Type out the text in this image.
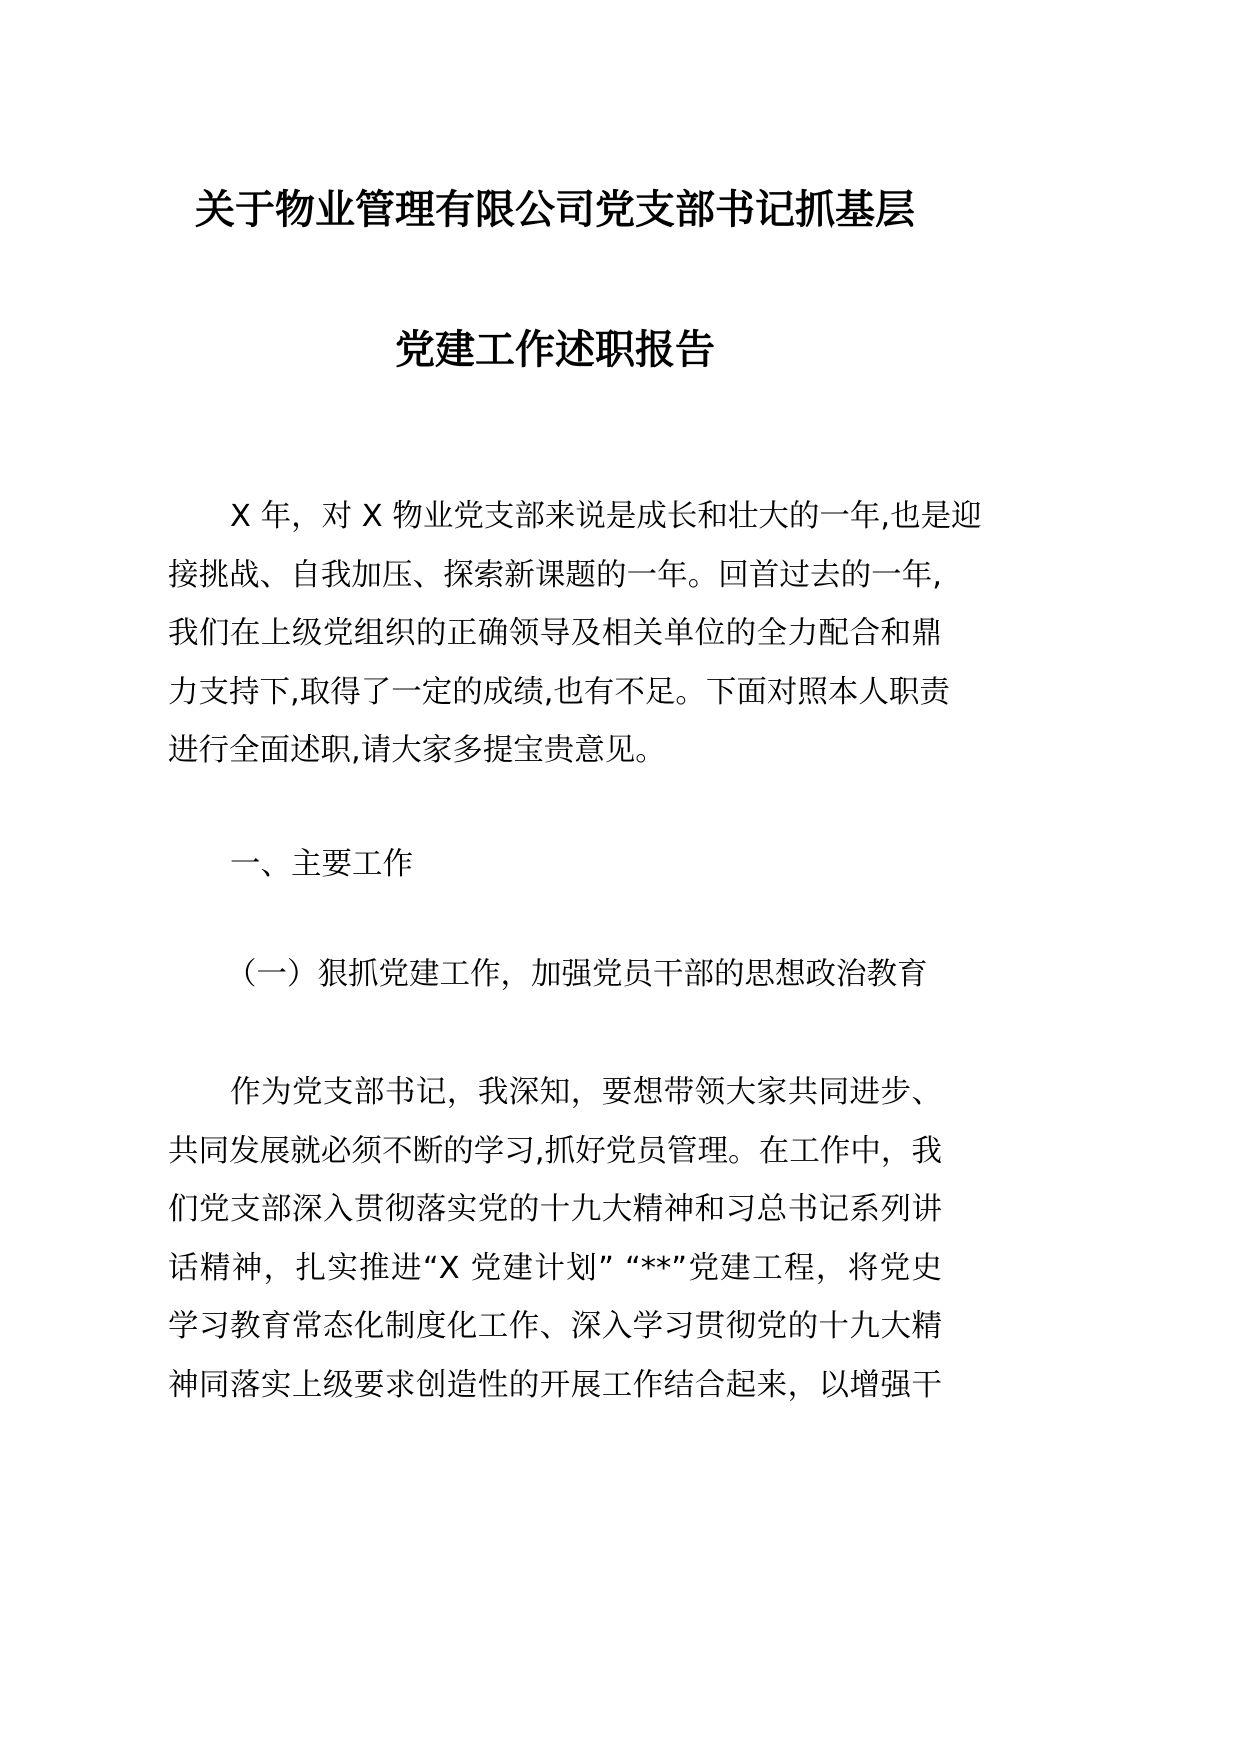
关于物业管理有限公司党支部书记抓基层
党建工作述职报告
X 年，对 X 物业党支部来说是成长和壮大的一年,也是迎
接挑战、自我加压、探索新课题的一年。回首过去的一年,
我们在上级党组织的正确领导及相关单位的全力配合和鼎
力支持下,取得了一定的成绩,也有不足。下面对照本人职责
进行全面述职,请大家多提宝贵意见。
一、主要工作
（一）狠抓党建工作，加强党员干部的思想政治教育
作为党支部书记，我深知，要想带领大家共同进步、
共同发展就必须不断的学习,抓好党员管理。在工作中，我
们党支部深入贯彻落实党的十九大精神和习总书记系列讲
话精神，扎实推进“X 党建计划” “**”党建工程，将党史
学习教育常态化制度化工作、深入学习贯彻党的十九大精
神同落实上级要求创造性的开展工作结合起来，以增强干
